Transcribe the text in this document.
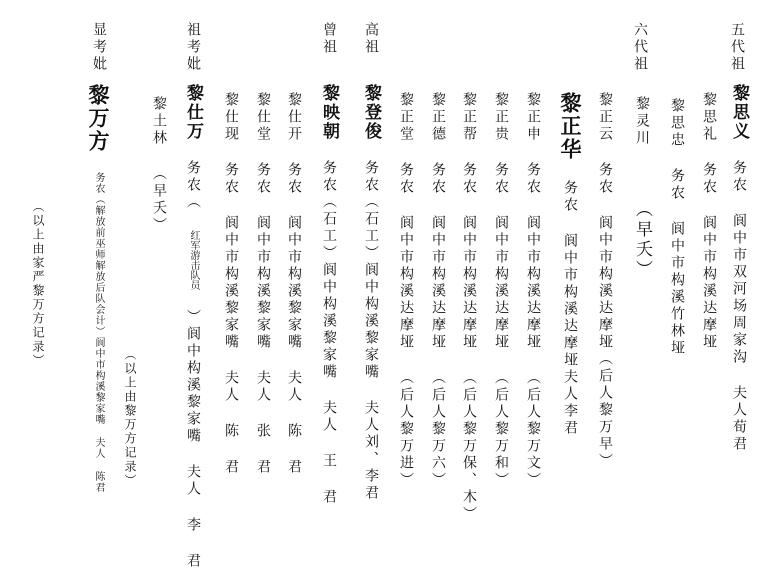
五代祖
黎思义 务农 阆中市双河场周家沟 夫人荀君
黎思礼 务农 阆中市构溪达摩垭
黎思忠 务农 阆中市构溪竹林垭
六代祖
黎灵川 （早夭）
黎正云 务农 阆中市构溪达摩垭（后人黎万早）
黎正华 务农 阆中市构溪达摩垭夫人李君
黎正申 务农 阆中市构溪达摩垭 （后人黎万文）
黎正贵 务农 阆中市构溪达摩垭 （后人黎万和）
黎正帮 务农 阆中市构溪达摩垭 （后人黎万保、木）
黎正德 务农 阆中市构溪达摩垭 （后人黎万六）
黎正堂 务农 阆中市构溪达摩垭 （后人黎万进）
高祖
黎登俊 务农（石工）阆中构溪黎家嘴 夫人刘、李君
曾祖
黎映朝 务农（石工）阆中构溪黎家嘴 夫人 王 君
黎仕开 务农 阆中市构溪黎家嘴 夫人 陈 君
黎仕堂 务农 阆中市构溪黎家嘴 夫人 张 君
黎仕现 务农 阆中市构溪黎家嘴 夫人 陈 君
祖考妣
黎仕万 务农（ 红军游击队员 ）阆中构溪黎家嘴 夫人 李 君
黎土林 （早夭）
（以上由黎万方记录）
显考妣
黎万方 务农（解放前巫师解放后队会计）阆中市构溪黎家嘴 夫人 陈君
（以上由家严黎万方记录）
